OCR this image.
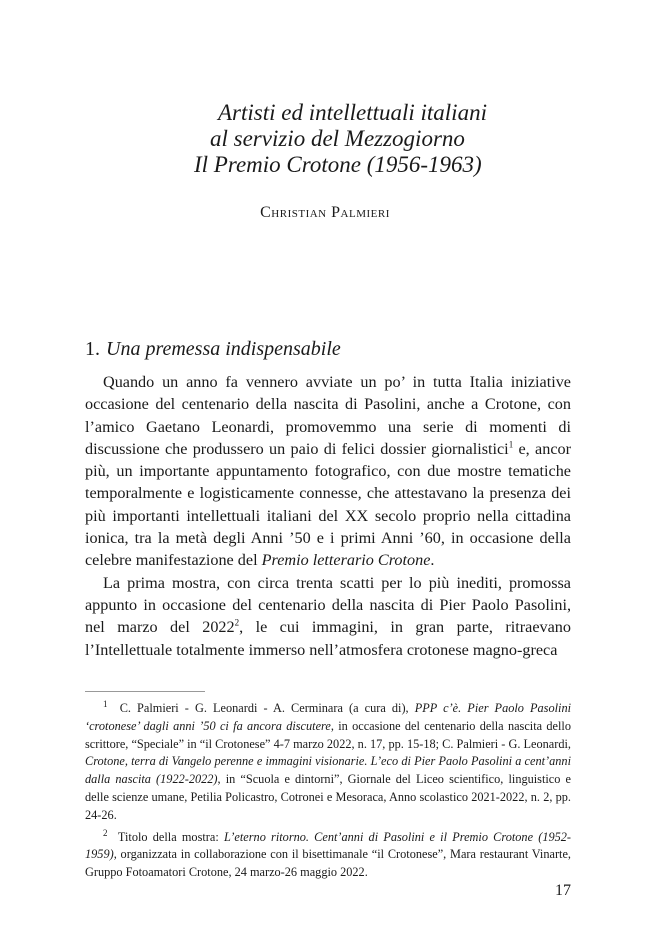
Artisti ed intellettuali italiani
al servizio del Mezzogiorno
Il Premio Crotone (1956-1963)
Christian Palmieri
1. Una premessa indispensabile

Quando un anno fa vennero avviate un po’ in tutta Italia iniziative occasione del centenario della nascita di Pasolini, anche a Crotone, con l’amico Gaetano Leonardi, promovemmo una serie di momenti di discussione che produssero un paio di felici dossier giornalistici$^1$ e, ancor più, un importante appuntamento fotografico, con due mostre tematiche temporalmente e logisticamente connesse, che attestavano la presenza dei più importanti intellettuali italiani del XX secolo proprio nella cittadina ionica, tra la metà degli Anni ’50 e i primi Anni ’60, in occasione della celebre manifestazione del Premio letterario Crotone.

La prima mostra, con circa trenta scatti per lo più inediti, promossa appunto in occasione del centenario della nascita di Pier Paolo Pasolini, nel marzo del 2022$^2$, le cui immagini, in gran parte, ritraevano l’Intellettuale totalmente immerso nell’atmosfera crotonese magno-greca

$^1$ C. Palmieri - G. Leonardi - A. Cerminara (a cura di), PPP c’è. Pier Paolo Pasolini ‘crotonese’ dagli anni ’50 ci fa ancora discutere, in occasione del centenario della nascita dello scrittore, “Speciale” in “il Crotonese” 4-7 marzo 2022, n. 17, pp. 15-18; C. Palmieri - G. Leonardi, Crotone, terra di Vangelo perenne e immagini visionarie. L’eco di Pier Paolo Pasolini a cent’anni dalla nascita (1922-2022), in “Scuola e dintorni”, Giornale del Liceo scientifico, linguistico e delle scienze umane, Petilia Policastro, Cotronei e Mesoraca, Anno scolastico 2021-2022, n. 2, pp. 24-26.

$^2$ Titolo della mostra: L’eterno ritorno. Cent’anni di Pasolini e il Premio Crotone (1952-1959), organizzata in collaborazione con il bisettimanale “il Crotonese”, Mara restaurant Vinarte, Gruppo Fotoamatori Crotone, 24 marzo-26 maggio 2022.

17
